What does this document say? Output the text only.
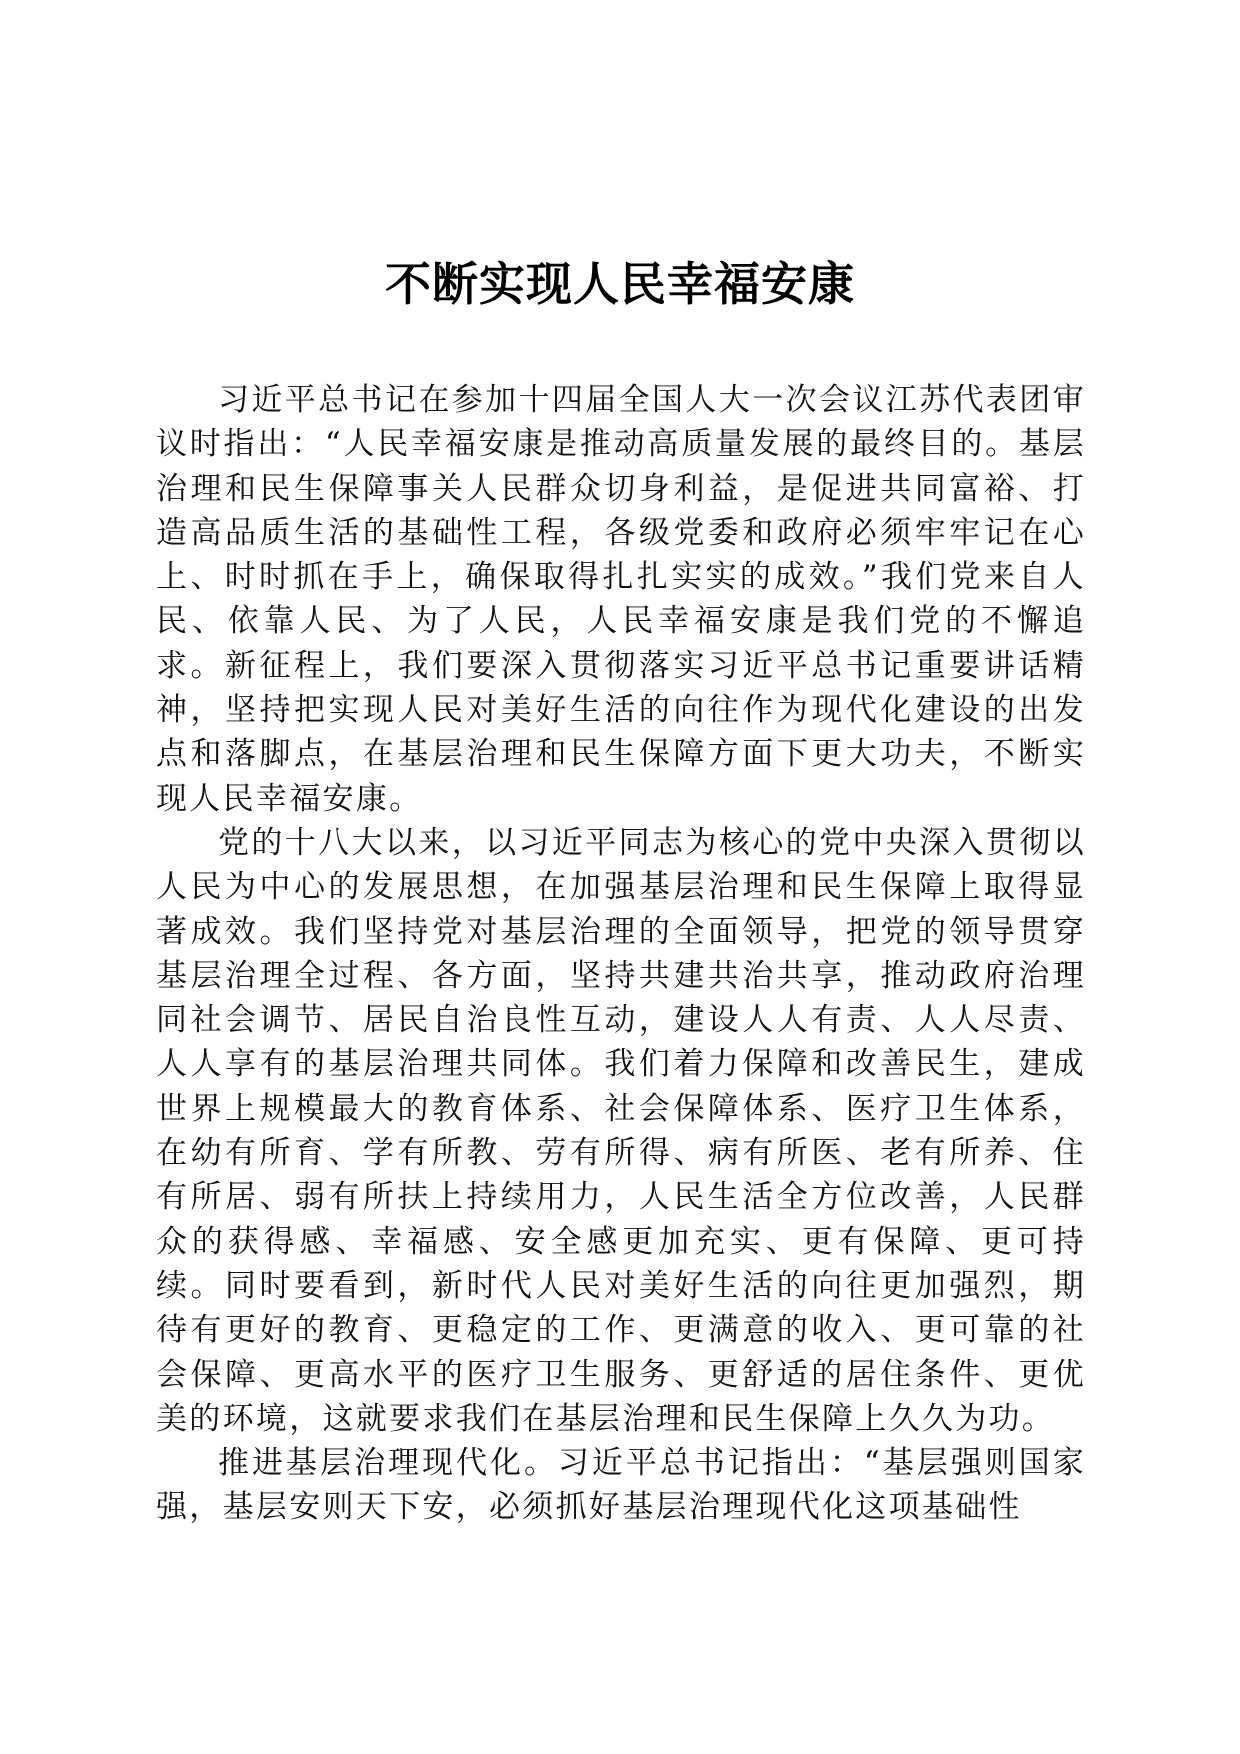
不断实现人民幸福安康

习近平总书记在参加十四届全国人大一次会议江苏代表团审议时指出：“人民幸福安康是推动高质量发展的最终目的。基层治理和民生保障事关人民群众切身利益，是促进共同富裕、打造高品质生活的基础性工程，各级党委和政府必须牢牢记在心上、时时抓在手上，确保取得扎扎实实的成效。”我们党来自人民、依靠人民、为了人民，人民幸福安康是我们党的不懈追求。新征程上，我们要深入贯彻落实习近平总书记重要讲话精神，坚持把实现人民对美好生活的向往作为现代化建设的出发点和落脚点，在基层治理和民生保障方面下更大功夫，不断实现人民幸福安康。

党的十八大以来，以习近平同志为核心的党中央深入贯彻以人民为中心的发展思想，在加强基层治理和民生保障上取得显著成效。我们坚持党对基层治理的全面领导，把党的领导贯穿基层治理全过程、各方面，坚持共建共治共享，推动政府治理同社会调节、居民自治良性互动，建设人人有责、人人尽责、人人享有的基层治理共同体。我们着力保障和改善民生，建成世界上规模最大的教育体系、社会保障体系、医疗卫生体系，在幼有所育、学有所教、劳有所得、病有所医、老有所养、住有所居、弱有所扶上持续用力，人民生活全方位改善，人民群众的获得感、幸福感、安全感更加充实、更有保障、更可持续。同时要看到，新时代人民对美好生活的向往更加强烈，期待有更好的教育、更稳定的工作、更满意的收入、更可靠的社会保障、更高水平的医疗卫生服务、更舒适的居住条件、更优美的环境，这就要求我们在基层治理和民生保障上久久为功。

推进基层治理现代化。习近平总书记指出：“基层强则国家强，基层安则天下安，必须抓好基层治理现代化这项基础性
